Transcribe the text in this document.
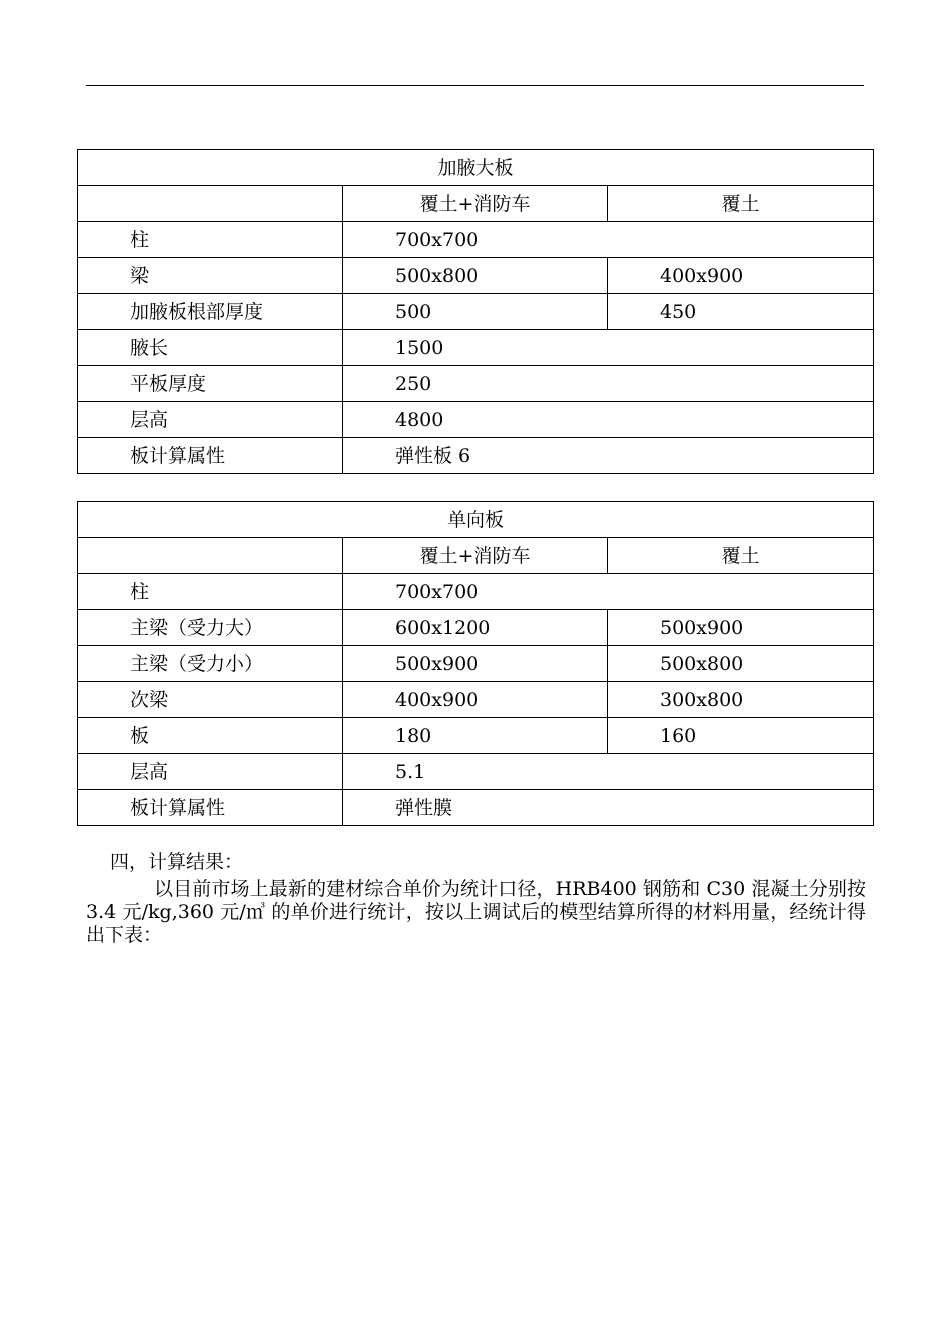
加腋大板		
	覆土+消防车	覆土
柱	700x700	
梁	500x800	400x900
加腋板根部厚度	500	450
腋长	1500	
平板厚度	250	
层高	4800	
板计算属性	弹性板 6	
单向板		
	覆土+消防车	覆土
柱	700x700	
主梁（受力大）	600x1200	500x900
主梁（受力小）	500x900	500x800
次梁	400x900	300x800
板	180	160
层高	5.1	
板计算属性	弹性膜	
四，计算结果：
以目前市场上最新的建材综合单价为统计口径，HRB400 钢筋和 C30 混凝土分别按 3.4 元/kg,360 元/㎥ 的单价进行统计，按以上调试后的模型结算所得的材料用量，经统计得出下表：
